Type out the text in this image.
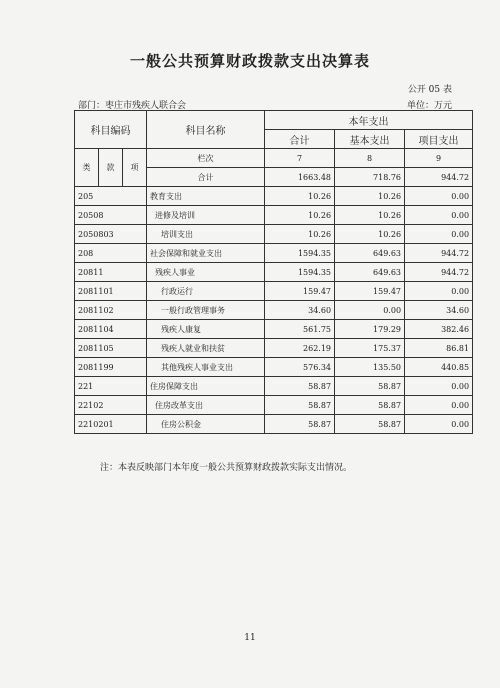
一般公共预算财政拨款支出决算表
公开 05 表
部门：枣庄市残疾人联合会	单位：万元
科目编码			科目名称	本年支出		
				合计	基本支出	项目支出
类	款	项	栏次	7	8	9
			合计	1663.48	718.76	944.72
205			教育支出	10.26	10.26	0.00
20508			进修及培训	10.26	10.26	0.00
2050803			培训支出	10.26	10.26	0.00
208			社会保障和就业支出	1594.35	649.63	944.72
20811			残疾人事业	1594.35	649.63	944.72
2081101			行政运行	159.47	159.47	0.00
2081102			一般行政管理事务	34.60	0.00	34.60
2081104			残疾人康复	561.75	179.29	382.46
2081105			残疾人就业和扶贫	262.19	175.37	86.81
2081199			其他残疾人事业支出	576.34	135.50	440.85
221			住房保障支出	58.87	58.87	0.00
22102			住房改革支出	58.87	58.87	0.00
2210201			住房公积金	58.87	58.87	0.00
注：本表反映部门本年度一般公共预算财政拨款实际支出情况。
11
